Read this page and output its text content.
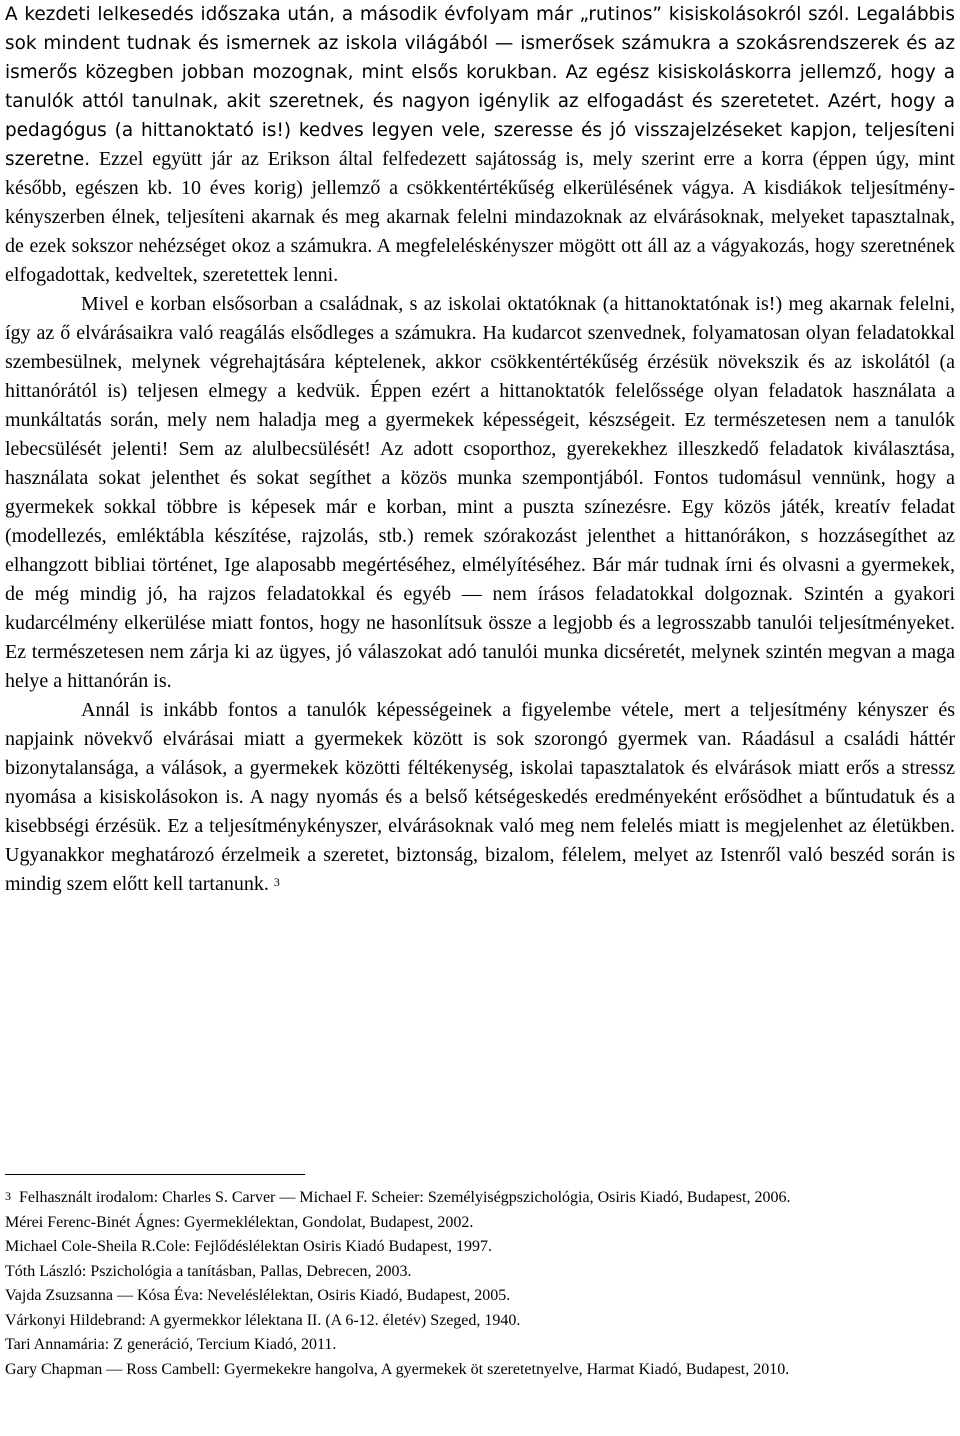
A kezdeti lelkesedés időszaka után, a második évfolyam már „rutinos” kisiskolásokról szól. Legalábbis sok mindent tudnak és ismernek az iskola világából — ismerősek számukra a szokásrendszerek és az ismerős közegben jobban mozognak, mint elsős korukban. Az egész kisiskoláskorra jellemző, hogy a tanulók attól tanulnak, akit szeretnek, és nagyon igénylik az elfogadást és szeretetet. Azért, hogy a pedagógus (a hittanoktató is!) kedves legyen vele, szeresse és jó visszajelzéseket kapjon, teljesíteni szeretne. Ezzel együtt jár az Erikson által felfedezett sajátosság is, mely szerint erre a korra (éppen úgy, mint később, egészen kb. 10 éves korig) jellemző a csökkentértékűség elkerülésének vágya. A kisdiákok teljesítmény-kényszerben élnek, teljesíteni akarnak és meg akarnak felelni mindazoknak az elvárásoknak, melyeket tapasztalnak, de ezek sokszor nehézséget okoz a számukra. A megfeleléskényszer mögött ott áll az a vágyakozás, hogy szeretnének elfogadottak, kedveltek, szeretettek lenni.

Mivel e korban elsősorban a családnak, s az iskolai oktatóknak (a hittanoktatónak is!) meg akarnak felelni, így az ő elvárásaikra való reagálás elsődleges a számukra. Ha kudarcot szenvednek, folyamatosan olyan feladatokkal szembesülnek, melynek végrehajtására képtelenek, akkor csökkentértékűség érzésük növekszik és az iskolától (a hittanórától is) teljesen elmegy a kedvük. Éppen ezért a hittanoktatók felelőssége olyan feladatok használata a munkáltatás során, mely nem haladja meg a gyermekek képességeit, készségeit. Ez természetesen nem a tanulók lebecsülését jelenti! Sem az alulbecsülését! Az adott csoporthoz, gyerekekhez illeszkedő feladatok kiválasztása, használata sokat jelenthet és sokat segíthet a közös munka szempontjából. Fontos tudomásul vennünk, hogy a gyermekek sokkal többre is képesek már e korban, mint a puszta színezésre. Egy közös játék, kreatív feladat (modellezés, emléktábla készítése, rajzolás, stb.) remek szórakozást jelenthet a hittanórákon, s hozzásegíthet az elhangzott bibliai történet, Ige alaposabb megértéséhez, elmélyítéséhez. Bár már tudnak írni és olvasni a gyermekek, de még mindig jó, ha rajzos feladatokkal és egyéb — nem írásos feladatokkal dolgoznak. Szintén a gyakori kudarcélmény elkerülése miatt fontos, hogy ne hasonlítsuk össze a legjobb és a legrosszabb tanulói teljesítményeket. Ez természetesen nem zárja ki az ügyes, jó válaszokat adó tanulói munka dicséretét, melynek szintén megvan a maga helye a hittanórán is.

Annál is inkább fontos a tanulók képességeinek a figyelembe vétele, mert a teljesítmény kényszer és napjaink növekvő elvárásai miatt a gyermekek között is sok szorongó gyermek van. Ráadásul a családi háttér bizonytalansága, a válások, a gyermekek közötti féltékenység, iskolai tapasztalatok és elvárások miatt erős a stressz nyomása a kisiskolásokon is. A nagy nyomás és a belső kétségeskedés eredményeként erősödhet a bűntudatuk és a kisebbségi érzésük. Ez a teljesítménykényszer, elvárásoknak való meg nem felelés miatt is megjelenhet az életükben. Ugyanakkor meghatározó érzelmeik a szeretet, biztonság, bizalom, félelem, melyet az Istenről való beszéd során is mindig szem előtt kell tartanunk. $^3$

$^3$ Felhasznált irodalom: Charles S. Carver — Michael F. Scheier: Személyiségpszichológia, Osiris Kiadó, Budapest, 2006.

Mérei Ferenc-Binét Ágnes: Gyermeklélektan, Gondolat, Budapest, 2002.

Michael Cole-Sheila R.Cole: Fejlődéslélektan Osiris Kiadó Budapest, 1997.

Tóth László: Pszichológia a tanításban, Pallas, Debrecen, 2003.

Vajda Zsuzsanna — Kósa Éva: Neveléslélektan, Osiris Kiadó, Budapest, 2005.

Várkonyi Hildebrand: A gyermekkor lélektana II. (A 6-12. életév) Szeged, 1940.

Tari Annamária: Z generáció, Tercium Kiadó, 2011.

Gary Chapman — Ross Cambell: Gyermekekre hangolva, A gyermekek öt szeretetnyelve, Harmat Kiadó, Budapest, 2010.
